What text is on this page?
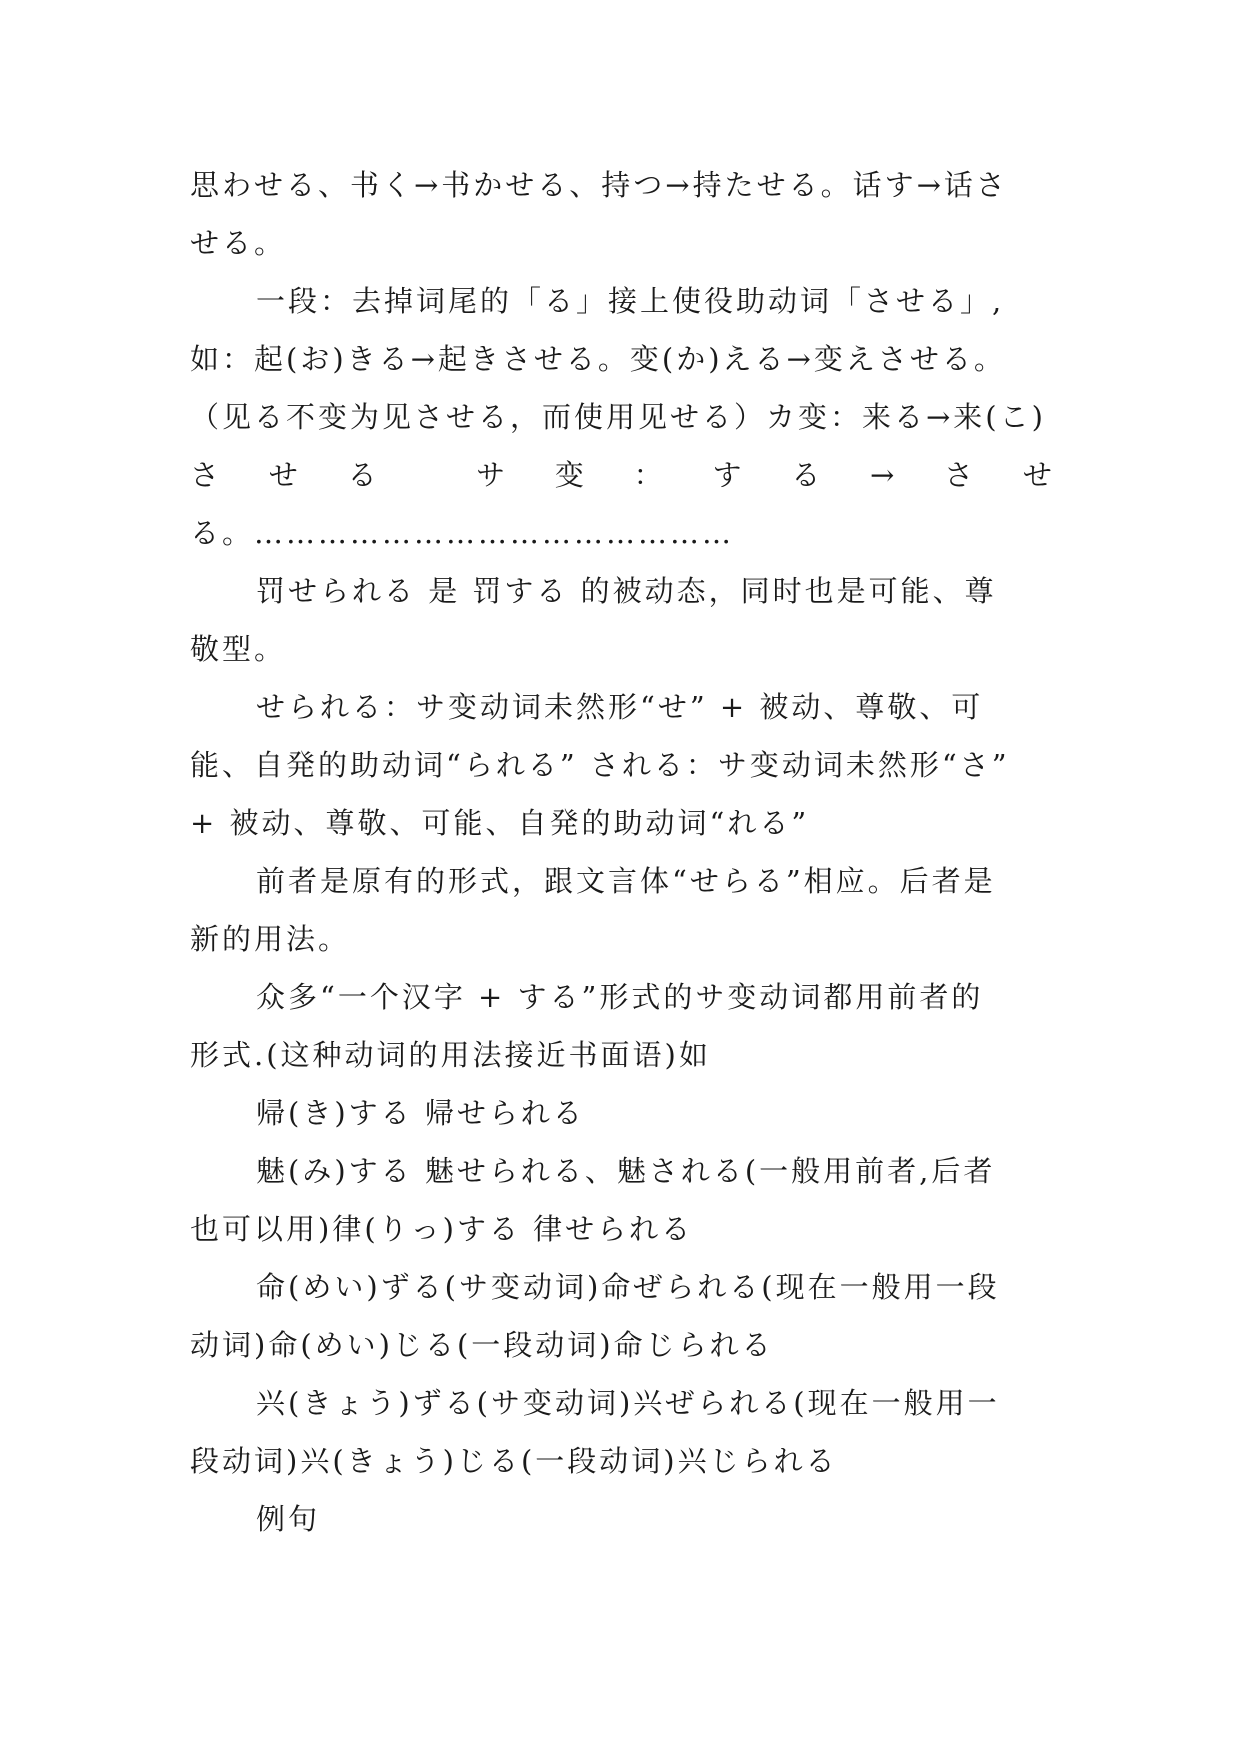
思わせる、书く→书かせる、持つ→持たせる。话す→话さ
せる。
一段：去掉词尾的「る」接上使役助动词「させる」,
如：起(お)きる→起きさせる。变(か)える→变えさせる。
（见る不变为见させる，而使用见せる）カ变：来る→来(こ)
さ せ る	サ 变 ： す る → さ せ
る。………………………………………
罚せられる 是 罚する 的被动态，同时也是可能、尊
敬型。
せられる：サ变动词未然形“せ” + 被动、尊敬、可
能、自発的助动词“られる” される：サ变动词未然形“さ”
+ 被动、尊敬、可能、自発的助动词“れる”
前者是原有的形式，跟文言体“せらる”相应。后者是
新的用法。
众多“一个汉字 + する”形式的サ变动词都用前者的
形式.(这种动词的用法接近书面语)如
帰(き)する 帰せられる
魅(み)する 魅せられる、魅される(一般用前者,后者
也可以用)律(りっ)する 律せられる
命(めい)ずる(サ变动词)命ぜられる(现在一般用一段
动词)命(めい)じる(一段动词)命じられる
兴(きょう)ずる(サ变动词)兴ぜられる(现在一般用一
段动词)兴(きょう)じる(一段动词)兴じられる
例句
